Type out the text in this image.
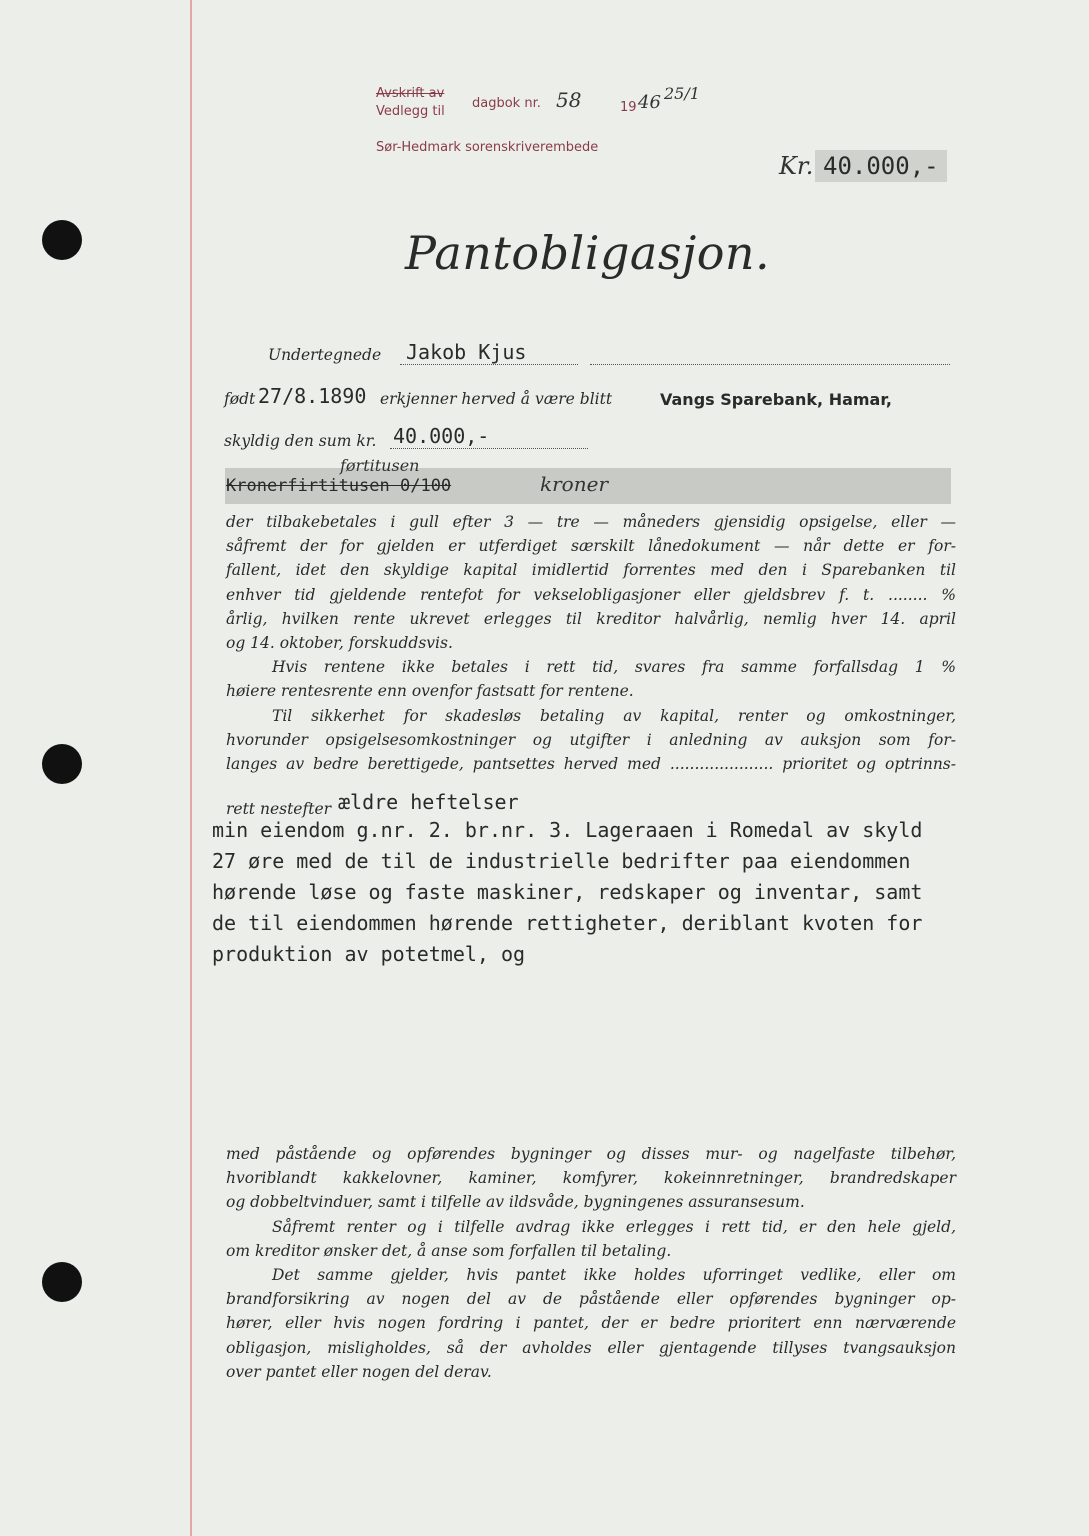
Avskrift av
Vedlegg til
dagbok nr. 58	19 46 25/1
Sør-Hedmark sorenskriverembede
Kr. 40.000,-
Pantobligasjon.
Undertegnede Jakob Kjus
født 27/8.1890 erkjenner herved å være blitt	Vangs Sparebank, Hamar,
skyldig den sum kr. 40.000,-
Kronerfirtitusen 0/100
førtitusen
kroner
der tilbakebetales i gull efter 3 — tre — måneders gjensidig opsigelse, eller —
såfremt der for gjelden er utferdiget særskilt lånedokument — når dette er for-
fallent, idet den skyldige kapital imidlertid forrentes med den i Sparebanken til
enhver tid gjeldende rentefot for vekselobligasjoner eller gjeldsbrev f. t. ........ %
årlig, hvilken rente ukrevet erlegges til kreditor halvårlig, nemlig hver 14. april
og 14. oktober, forskuddsvis.
Hvis rentene ikke betales i rett tid, svares fra samme forfallsdag 1 %
høiere rentesrente enn ovenfor fastsatt for rentene.
Til sikkerhet for skadesløs betaling av kapital, renter og omkostninger,
hvorunder opsigelsesomkostninger og utgifter i anledning av auksjon som for-
langes av bedre berettigede, pantsettes herved med ..................... prioritet og optrinns-
rett nestefter ældre heftelser
min eiendom g.nr. 2. br.nr. 3. Lageraaen i Romedal av skyld
27 øre med de til de industrielle bedrifter paa eiendommen
hørende løse og faste maskiner, redskaper og inventar, samt
de til eiendommen hørende rettigheter, deriblant kvoten for
produktion av potetmel, og
med påstående og opførendes bygninger og disses mur- og nagelfaste tilbehør,
hvoriblandt kakkelovner, kaminer, komfyrer, kokeinnretninger, brandredskaper
og dobbeltvinduer, samt i tilfelle av ildsvåde, bygningenes assuransesum.
Såfremt renter og i tilfelle avdrag ikke erlegges i rett tid, er den hele gjeld,
om kreditor ønsker det, å anse som forfallen til betaling.
Det samme gjelder, hvis pantet ikke holdes uforringet vedlike, eller om
brandforsikring av nogen del av de påstående eller opførendes bygninger op-
hører, eller hvis nogen fordring i pantet, der er bedre prioritert enn nærværende
obligasjon, misligholdes, så der avholdes eller gjentagende tillyses tvangsauksjon
over pantet eller nogen del derav.
